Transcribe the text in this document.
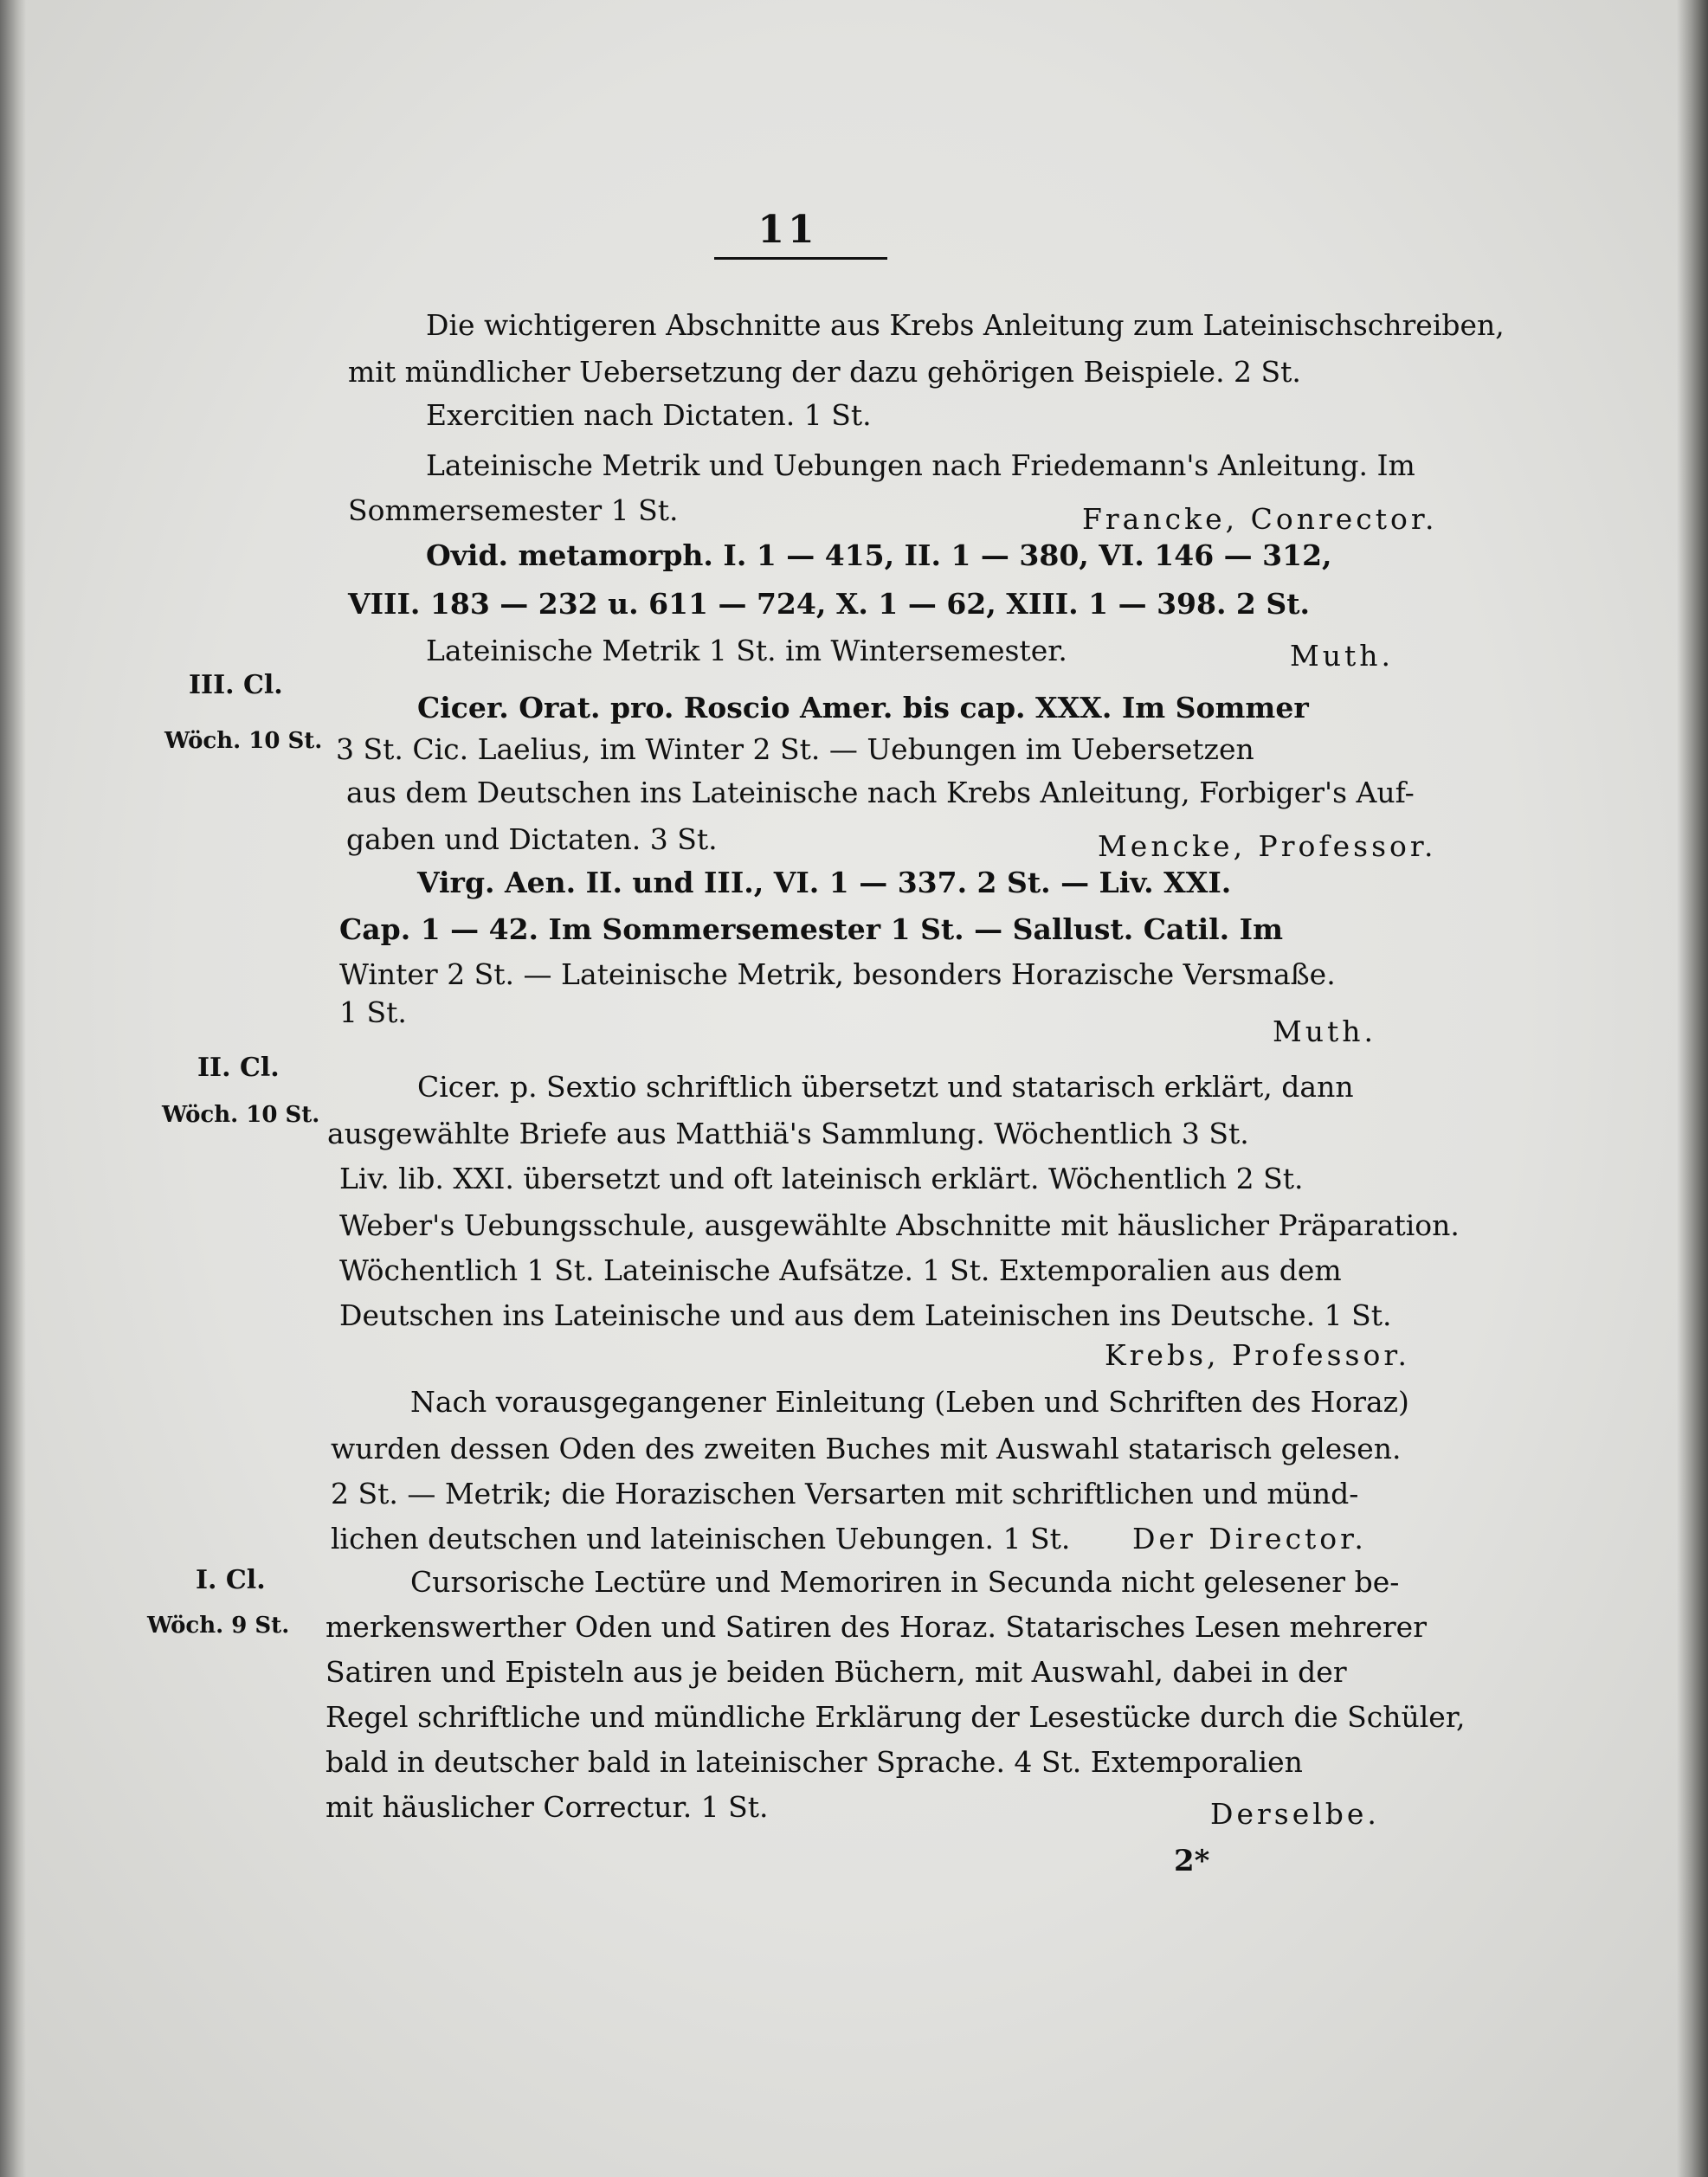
11
III. Cl.
Wöch. 10 St.
II. Cl.
Wöch. 10 St.
I. Cl.
Wöch. 9 St.
Die wichtigeren Abschnitte aus Krebs Anleitung zum Lateinischschreiben,
mit mündlicher Uebersetzung der dazu gehörigen Beispiele. 2 St.
Exercitien nach Dictaten. 1 St.
Lateinische Metrik und Uebungen nach Friedemann's Anleitung. Im
Sommersemester 1 St.	Francke, Conrector.
Ovid. metamorph. I. 1 — 415, II. 1 — 380, VI. 146 — 312,
VIII. 183 — 232 u. 611 — 724, X. 1 — 62, XIII. 1 — 398. 2 St.
Lateinische Metrik 1 St. im Wintersemester.	Muth.
Cicer. Orat. pro. Roscio Amer. bis cap. XXX. Im Sommer
3 St. Cic. Laelius, im Winter 2 St. — Uebungen im Uebersetzen
aus dem Deutschen ins Lateinische nach Krebs Anleitung, Forbiger's Auf-
gaben und Dictaten. 3 St.	Mencke, Professor.
Virg. Aen. II. und III., VI. 1 — 337. 2 St. — Liv. XXI.
Cap. 1 — 42. Im Sommersemester 1 St. — Sallust. Catil. Im
Winter 2 St. — Lateinische Metrik, besonders Horazische Versmaße.
1 St.
Muth.
Cicer. p. Sextio schriftlich übersetzt und statarisch erklärt, dann
ausgewählte Briefe aus Matthiä's Sammlung. Wöchentlich 3 St.
Liv. lib. XXI. übersetzt und oft lateinisch erklärt. Wöchentlich 2 St.
Weber's Uebungsschule, ausgewählte Abschnitte mit häuslicher Präparation.
Wöchentlich 1 St. Lateinische Aufsätze. 1 St. Extemporalien aus dem
Deutschen ins Lateinische und aus dem Lateinischen ins Deutsche. 1 St.
Krebs, Professor.
Nach vorausgegangener Einleitung (Leben und Schriften des Horaz)
wurden dessen Oden des zweiten Buches mit Auswahl statarisch gelesen.
2 St. — Metrik; die Horazischen Versarten mit schriftlichen und münd-
lichen deutschen und lateinischen Uebungen. 1 St. Der Director.
Cursorische Lectüre und Memoriren in Secunda nicht gelesener be-
merkenswerther Oden und Satiren des Horaz. Statarisches Lesen mehrerer
Satiren und Episteln aus je beiden Büchern, mit Auswahl, dabei in der
Regel schriftliche und mündliche Erklärung der Lesestücke durch die Schüler,
bald in deutscher bald in lateinischer Sprache. 4 St. Extemporalien
mit häuslicher Correctur. 1 St.	Derselbe.
2*
